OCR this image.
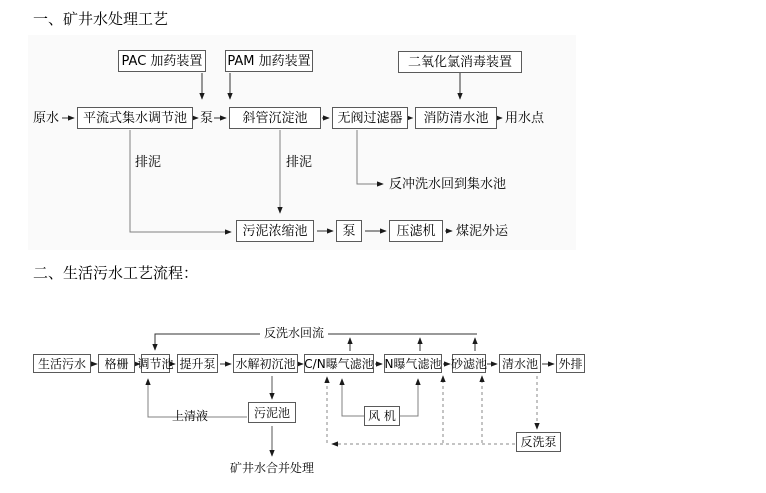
一、矿井水处理工艺
PAC 加药装置 PAM 加药装置	二氧化氯消毒装置
原水	平流式集水调节池	泵	斜管沉淀池	无阀过滤器	消防清水池	用水点
排泥	排泥
反冲洗水回到集水池
污泥浓缩池	泵	压滤机	煤泥外运
二、生活污水工艺流程：
反洗水回流
生活污水	格栅 调节池 提升泵 水解初沉池 C/N曝气滤池 N曝气滤池 砂滤池 清水池 外排
上清液	污泥池
矿井水合并处理
风 机
反洗泵
